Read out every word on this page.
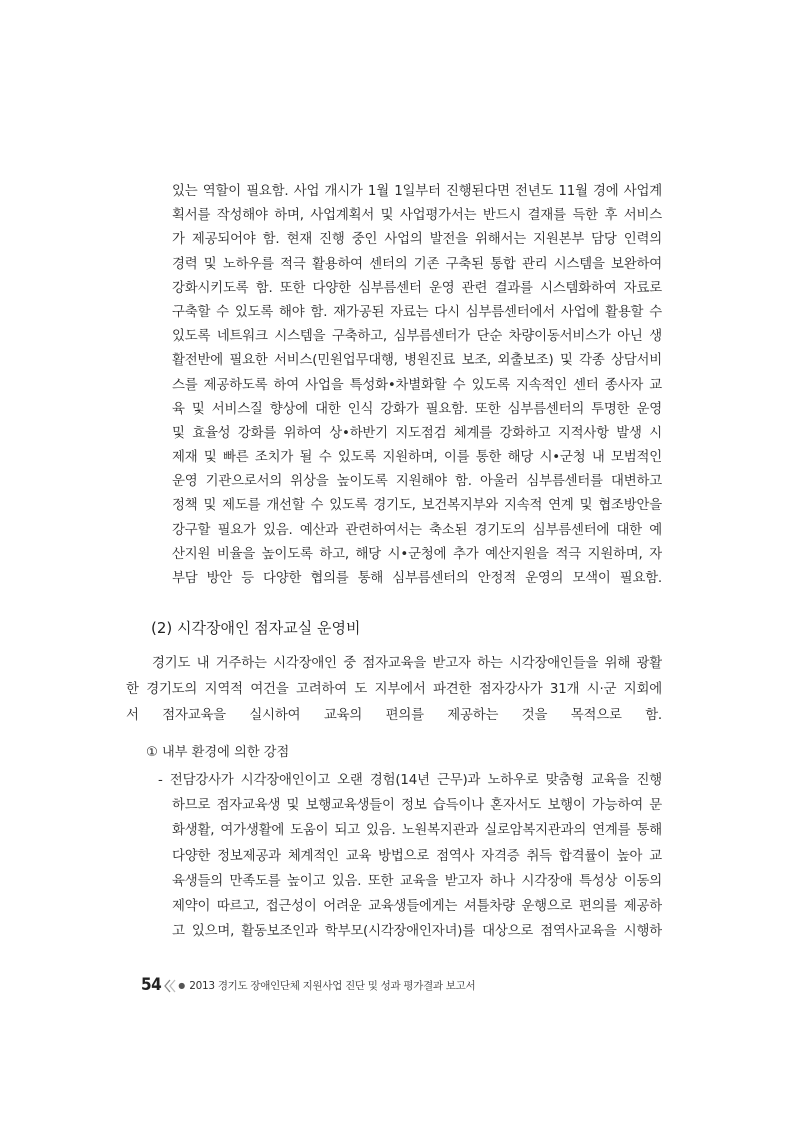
있는 역할이 필요함. 사업 개시가 1월 1일부터 진행된다면 전년도 11월 경에 사업계
획서를 작성해야 하며, 사업계획서 및 사업평가서는 반드시 결재를 득한 후 서비스
가 제공되어야 함. 현재 진행 중인 사업의 발전을 위해서는 지원본부 담당 인력의
경력 및 노하우를 적극 활용하여 센터의 기존 구축된 통합 관리 시스템을 보완하여
강화시키도록 함. 또한 다양한 심부름센터 운영 관련 결과를 시스템화하여 자료로
구축할 수 있도록 해야 함. 재가공된 자료는 다시 심부름센터에서 사업에 활용할 수
있도록 네트워크 시스템을 구축하고, 심부름센터가 단순 차량이동서비스가 아닌 생
활전반에 필요한 서비스(민원업무대행, 병원진료 보조, 외출보조) 및 각종 상담서비
스를 제공하도록 하여 사업을 특성화•차별화할 수 있도록 지속적인 센터 종사자 교
육 및 서비스질 향상에 대한 인식 강화가 필요함. 또한 심부름센터의 투명한 운영
및 효율성 강화를 위하여 상•하반기 지도점검 체계를 강화하고 지적사항 발생 시
제재 및 빠른 조치가 될 수 있도록 지원하며, 이를 통한 해당 시•군청 내 모범적인
운영 기관으로서의 위상을 높이도록 지원해야 함. 아울러 심부름센터를 대변하고
정책 및 제도를 개선할 수 있도록 경기도, 보건복지부와 지속적 연계 및 협조방안을
강구할 필요가 있음. 예산과 관련하여서는 축소된 경기도의 심부름센터에 대한 예
산지원 비율을 높이도록 하고, 해당 시•군청에 추가 예산지원을 적극 지원하며, 자
부담 방안 등 다양한 협의를 통해 심부름센터의 안정적 운영의 모색이 필요함.
(2) 시각장애인 점자교실 운영비
경기도 내 거주하는 시각장애인 중 점자교육을 받고자 하는 시각장애인들을 위해 광활
한 경기도의 지역적 여건을 고려하여 도 지부에서 파견한 점자강사가 31개 시·군 지회에
서 점자교육을 실시하여 교육의 편의를 제공하는 것을 목적으로 함.
① 내부 환경에 의한 강점
- 전담강사가 시각장애인이고 오랜 경험(14년 근무)과 노하우로 맞춤형 교육을 진행
하므로 점자교육생 및 보행교육생들이 정보 습득이나 혼자서도 보행이 가능하여 문
화생활, 여가생활에 도움이 되고 있음. 노원복지관과 실로암복지관과의 연계를 통해
다양한 정보제공과 체계적인 교육 방법으로 점역사 자격증 취득 합격률이 높아 교
육생들의 만족도를 높이고 있음. 또한 교육을 받고자 하나 시각장애 특성상 이동의
제약이 따르고, 접근성이 어려운 교육생들에게는 셔틀차량 운행으로 편의를 제공하
고 있으며, 활동보조인과 학부모(시각장애인자녀)를 대상으로 점역사교육을 시행하
54 ● 2013 경기도 장애인단체 지원사업 진단 및 성과 평가결과 보고서
